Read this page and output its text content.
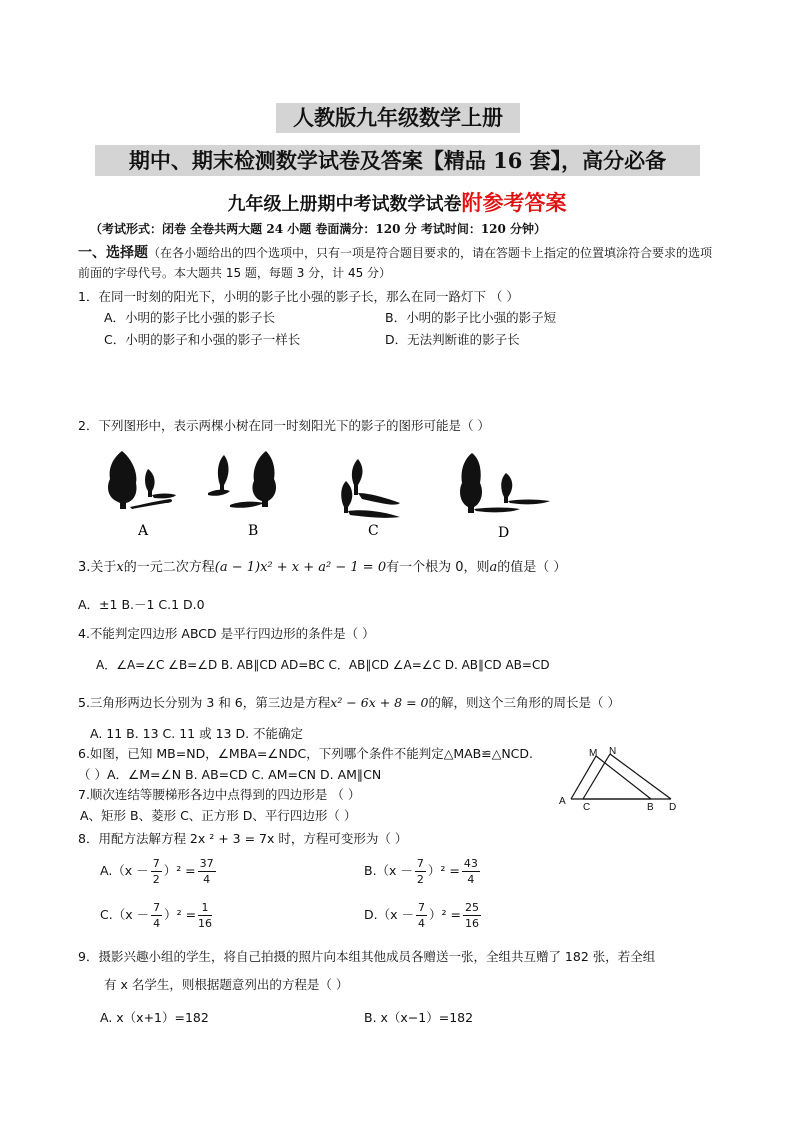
人教版九年级数学上册
期中、期末检测数学试卷及答案【精品 16 套】，高分必备
九年级上册期中考试数学试卷附参考答案
（考试形式：闭卷 全卷共两大题 24 小题 卷面满分：120 分 考试时间：120 分钟）
一、选择题（在各小题给出的四个选项中，只有一项是符合题目要求的，请在答题卡上指定的位置填涂符合要求的选项
前面的字母代号。本大题共 15 题，每题 3 分，计 45 分）
1．在同一时刻的阳光下，小明的影子比小强的影子长，那么在同一路灯下 （ ）
A．小明的影子比小强的影子长	B．小明的影子比小强的影子短
C．小明的影子和小强的影子一样长	D．无法判断谁的影子长
2．下列图形中，表示两棵小树在同一时刻阳光下的影子的图形可能是（ ）
A	B	C	D
3.关于x的一元二次方程(a − 1)x² + x + a² − 1 = 0有一个根为 0，则a的值是（ ）
A．±1 B.－1 C.1 D.0
4.不能判定四边形 ABCD 是平行四边形的条件是（ ）
A．∠A=∠C ∠B=∠D B. AB∥CD AD=BC C．AB∥CD ∠A=∠C D. AB∥CD AB=CD
5.三角形两边长分别为 3 和 6，第三边是方程x² − 6x + 8 = 0的解，则这个三角形的周长是（ ）
A. 11 B. 13 C. 11 或 13 D. 不能确定
6.如图，已知 MB=ND，∠MBA=∠NDC，下列哪个条件不能判定△MAB≌△NCD.
（ ）A．∠M=∠N B. AB=CD C. AM=CN D. AM∥CN
M N
A
C	B D
7.顺次连结等腰梯形各边中点得到的四边形是 （ ）
A、矩形 B、菱形 C、正方形 D、平行四边形（ ）
8．用配方法解方程 2x ² + 3 = 7x 时，方程可变形为（ ）
$A.(x - \frac{7}{2} )^2 = \frac{37}{4}$	$B.(x - \frac{7}{2} )^2 = \frac{43}{4}$
$C.(x - \frac{7}{4} )^2 = \frac{1}{16}$	$D.(x - \frac{7}{4} )^2 = \frac{25}{16}$
9．摄影兴趣小组的学生，将自己拍摄的照片向本组其他成员各赠送一张，全组共互赠了 182 张，若全组
有 x 名学生，则根据题意列出的方程是（ ）
A. x（x+1）=182	B. x（x−1）=182
